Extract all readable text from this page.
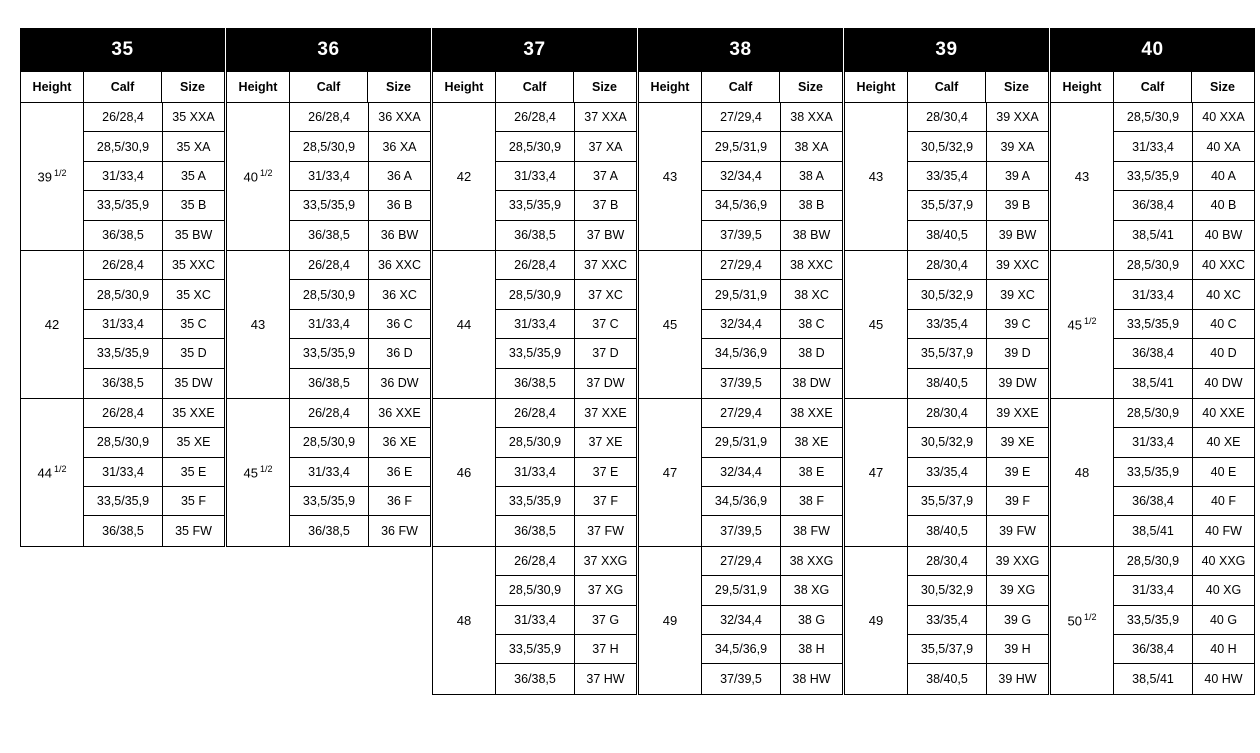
35
Height	Calf	Size
39 1/2
26/28,4	35 XXA
28,5/30,9	35 XA
31/33,4	35 A
33,5/35,9	35 B
36/38,5	35 BW
42
26/28,4	35 XXC
28,5/30,9	35 XC
31/33,4	35 C
33,5/35,9	35 D
36/38,5	35 DW
44 1/2
26/28,4	35 XXE
28,5/30,9	35 XE
31/33,4	35 E
33,5/35,9	35 F
36/38,5	35 FW
36
Height	Calf	Size
40 1/2
26/28,4	36 XXA
28,5/30,9	36 XA
31/33,4	36 A
33,5/35,9	36 B
36/38,5	36 BW
43
26/28,4	36 XXC
28,5/30,9	36 XC
31/33,4	36 C
33,5/35,9	36 D
36/38,5	36 DW
45 1/2
26/28,4	36 XXE
28,5/30,9	36 XE
31/33,4	36 E
33,5/35,9	36 F
36/38,5	36 FW
37
Height	Calf	Size
42
26/28,4	37 XXA
28,5/30,9	37 XA
31/33,4	37 A
33,5/35,9	37 B
36/38,5	37 BW
44
26/28,4	37 XXC
28,5/30,9	37 XC
31/33,4	37 C
33,5/35,9	37 D
36/38,5	37 DW
46
26/28,4	37 XXE
28,5/30,9	37 XE
31/33,4	37 E
33,5/35,9	37 F
36/38,5	37 FW
48
26/28,4	37 XXG
28,5/30,9	37 XG
31/33,4	37 G
33,5/35,9	37 H
36/38,5	37 HW
38
Height	Calf	Size
43
27/29,4	38 XXA
29,5/31,9	38 XA
32/34,4	38 A
34,5/36,9	38 B
37/39,5	38 BW
45
27/29,4	38 XXC
29,5/31,9	38 XC
32/34,4	38 C
34,5/36,9	38 D
37/39,5	38 DW
47
27/29,4	38 XXE
29,5/31,9	38 XE
32/34,4	38 E
34,5/36,9	38 F
37/39,5	38 FW
49
27/29,4	38 XXG
29,5/31,9	38 XG
32/34,4	38 G
34,5/36,9	38 H
37/39,5	38 HW
39
Height	Calf	Size
43
28/30,4	39 XXA
30,5/32,9	39 XA
33/35,4	39 A
35,5/37,9	39 B
38/40,5	39 BW
45
28/30,4	39 XXC
30,5/32,9	39 XC
33/35,4	39 C
35,5/37,9	39 D
38/40,5	39 DW
47
28/30,4	39 XXE
30,5/32,9	39 XE
33/35,4	39 E
35,5/37,9	39 F
38/40,5	39 FW
49
28/30,4	39 XXG
30,5/32,9	39 XG
33/35,4	39 G
35,5/37,9	39 H
38/40,5	39 HW
40
Height	Calf	Size
43
28,5/30,9	40 XXA
31/33,4	40 XA
33,5/35,9	40 A
36/38,4	40 B
38,5/41	40 BW
45 1/2
28,5/30,9	40 XXC
31/33,4	40 XC
33,5/35,9	40 C
36/38,4	40 D
38,5/41	40 DW
48
28,5/30,9	40 XXE
31/33,4	40 XE
33,5/35,9	40 E
36/38,4	40 F
38,5/41	40 FW
50 1/2
28,5/30,9	40 XXG
31/33,4	40 XG
33,5/35,9	40 G
36/38,4	40 H
38,5/41	40 HW
